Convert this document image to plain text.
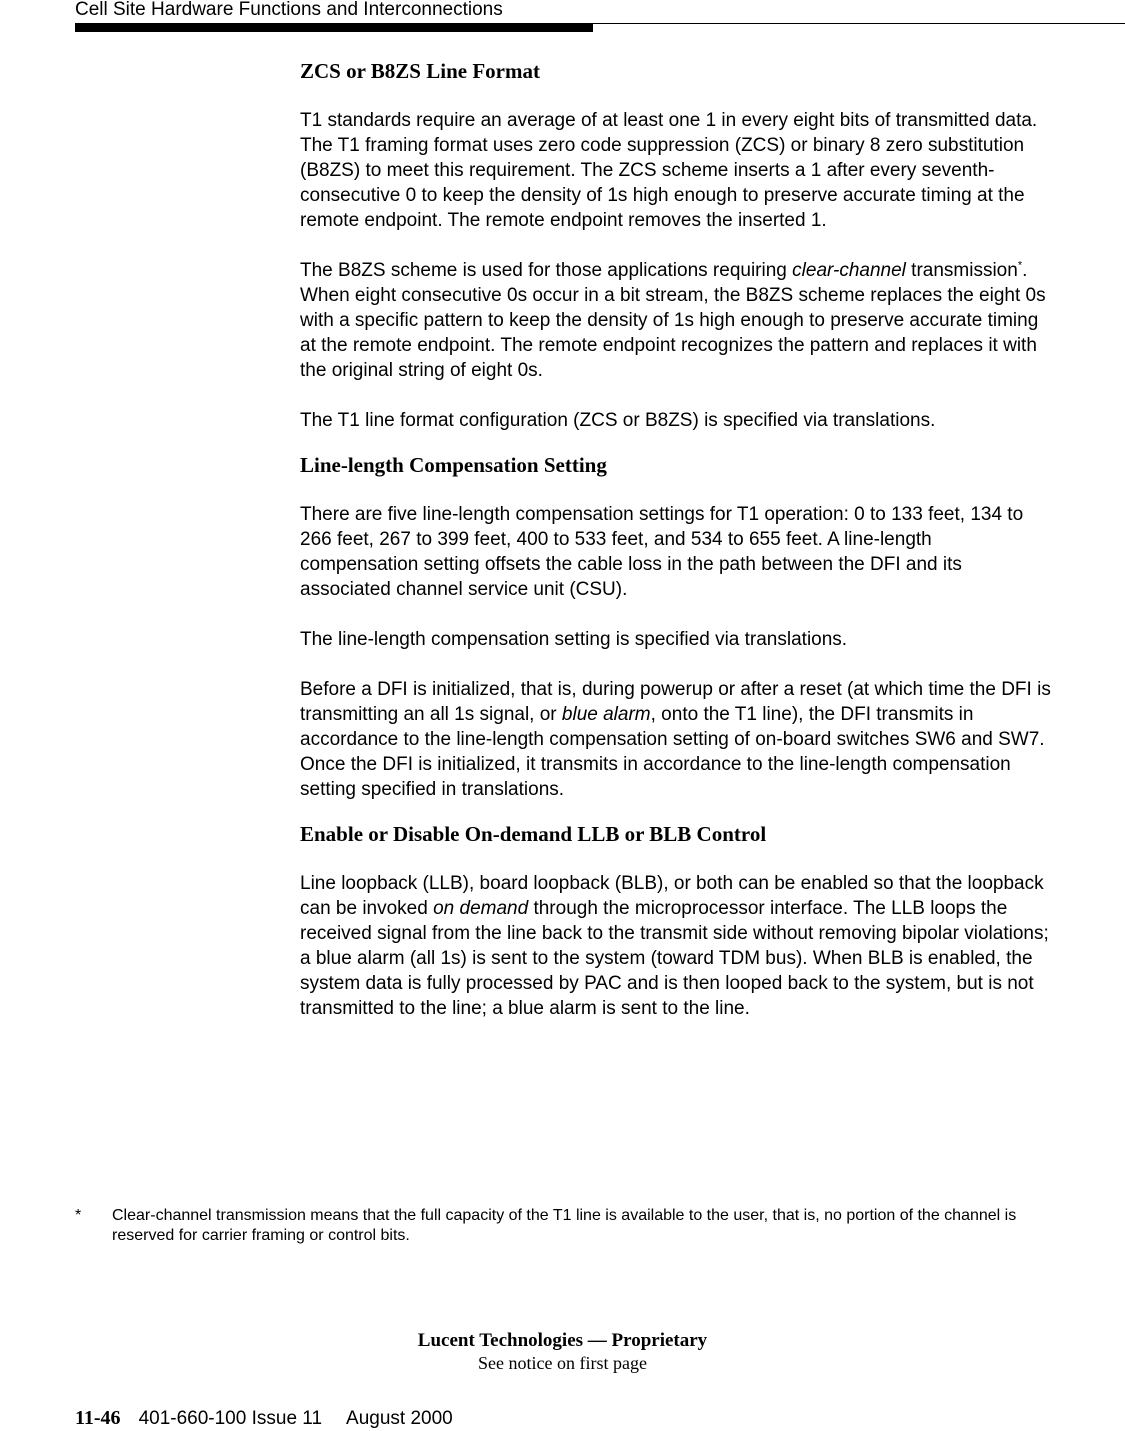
Cell Site Hardware Functions and Interconnections
ZCS or B8ZS Line Format

T1 standards require an average of at least one 1 in every eight bits of transmitted data. The T1 framing format uses zero code suppression (ZCS) or binary 8 zero substitution (B8ZS) to meet this requirement. The ZCS scheme inserts a 1 after every seventh-consecutive 0 to keep the density of 1s high enough to preserve accurate timing at the remote endpoint. The remote endpoint removes the inserted 1.

The B8ZS scheme is used for those applications requiring clear-channel transmission*. When eight consecutive 0s occur in a bit stream, the B8ZS scheme replaces the eight 0s with a specific pattern to keep the density of 1s high enough to preserve accurate timing at the remote endpoint. The remote endpoint recognizes the pattern and replaces it with the original string of eight 0s.

The T1 line format configuration (ZCS or B8ZS) is specified via translations.

Line-length Compensation Setting

There are five line-length compensation settings for T1 operation: 0 to 133 feet, 134 to 266 feet, 267 to 399 feet, 400 to 533 feet, and 534 to 655 feet. A line-length compensation setting offsets the cable loss in the path between the DFI and its associated channel service unit (CSU).

The line-length compensation setting is specified via translations.

Before a DFI is initialized, that is, during powerup or after a reset (at which time the DFI is transmitting an all 1s signal, or blue alarm, onto the T1 line), the DFI transmits in accordance to the line-length compensation setting of on-board switches SW6 and SW7. Once the DFI is initialized, it transmits in accordance to the line-length compensation setting specified in translations.

Enable or Disable On-demand LLB or BLB Control

Line loopback (LLB), board loopback (BLB), or both can be enabled so that the loopback can be invoked on demand through the microprocessor interface. The LLB loops the received signal from the line back to the transmit side without removing bipolar violations; a blue alarm (all 1s) is sent to the system (toward TDM bus). When BLB is enabled, the system data is fully processed by PAC and is then looped back to the system, but is not transmitted to the line; a blue alarm is sent to the line.

* Clear-channel transmission means that the full capacity of the T1 line is available to the user, that is, no portion of the channel is reserved for carrier framing or control bits.
Lucent Technologies — Proprietary
See notice on first page
11-46 401-660-100 Issue 11 August 2000
